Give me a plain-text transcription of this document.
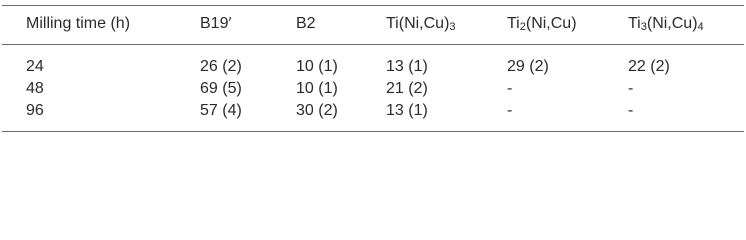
Milling time (h)	B19′	B2	$Ti(Ni,Cu)_3$	$Ti_2(Ni,Cu)$	$Ti_3(Ni,Cu)_4$
24	26 (2)	10 (1)	13 (1)	29 (2)	22 (2)
48	69 (5)	10 (1)	21 (2)	-	-
96	57 (4)	30 (2)	13 (1)	-	-
